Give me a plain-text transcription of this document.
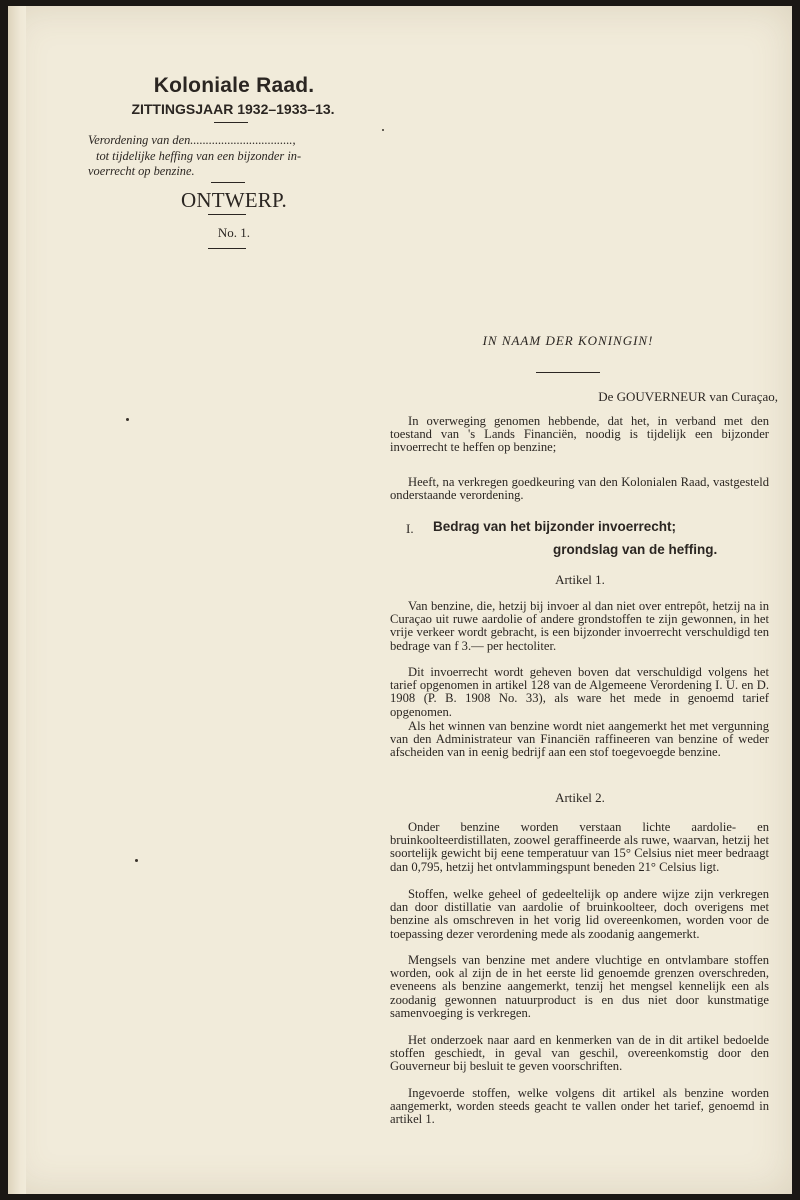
Koloniale Raad.
ZITTINGSJAAR 1932–1933–13.
Verordening van den.................................,
tot tijdelijke heffing van een bijzonder in-
voerrecht op benzine.
ONTWERP.
No. 1.
IN NAAM DER KONINGIN!
De GOUVERNEUR van Curaçao,
In overweging genomen hebbende, dat het, in verband met den toestand van 's Lands Financiën, noodig is tijdelijk een bijzonder invoerrecht te heffen op benzine;
Heeft, na verkregen goedkeuring van den Kolonialen Raad, vastgesteld onderstaande verordening.
I. Bedrag van het bijzonder invoerrecht;
grondslag van de heffing.
Artikel 1.
Van benzine, die, hetzij bij invoer al dan niet over entrepôt, hetzij na in Curaçao uit ruwe aardolie of andere grondstoffen te zijn gewonnen, in het vrije verkeer wordt gebracht, is een bijzonder invoerrecht verschuldigd ten bedrage van f 3.— per hectoliter.
Dit invoerrecht wordt geheven boven dat verschuldigd volgens het tarief opgenomen in artikel 128 van de Algemeene Verordening I. U. en D. 1908 (P. B. 1908 No. 33), als ware het mede in genoemd tarief opgenomen.
Als het winnen van benzine wordt niet aangemerkt het met vergunning van den Administrateur van Financiën raffineeren van benzine of weder afscheiden van in eenig bedrijf aan een stof toegevoegde benzine.
Artikel 2.
Onder benzine worden verstaan lichte aardolie- en bruinkoolteerdistillaten, zoowel geraffineerde als ruwe, waarvan, hetzij het soortelijk gewicht bij eene temperatuur van 15° Celsius niet meer bedraagt dan 0,795, hetzij het ontvlammingspunt beneden 21° Celsius ligt.
Stoffen, welke geheel of gedeeltelijk op andere wijze zijn verkregen dan door distillatie van aardolie of bruinkoolteer, doch overigens met benzine als omschreven in het vorig lid overeenkomen, worden voor de toepassing dezer verordening mede als zoodanig aangemerkt.
Mengsels van benzine met andere vluchtige en ontvlambare stoffen worden, ook al zijn de in het eerste lid genoemde grenzen overschreden, eveneens als benzine aangemerkt, tenzij het mengsel kennelijk een als zoodanig gewonnen natuurproduct is en dus niet door kunstmatige samenvoeging is verkregen.
Het onderzoek naar aard en kenmerken van de in dit artikel bedoelde stoffen geschiedt, in geval van geschil, overeenkomstig door den Gouverneur bij besluit te geven voorschriften.
Ingevoerde stoffen, welke volgens dit artikel als benzine worden aangemerkt, worden steeds geacht te vallen onder het tarief, genoemd in artikel 1.
